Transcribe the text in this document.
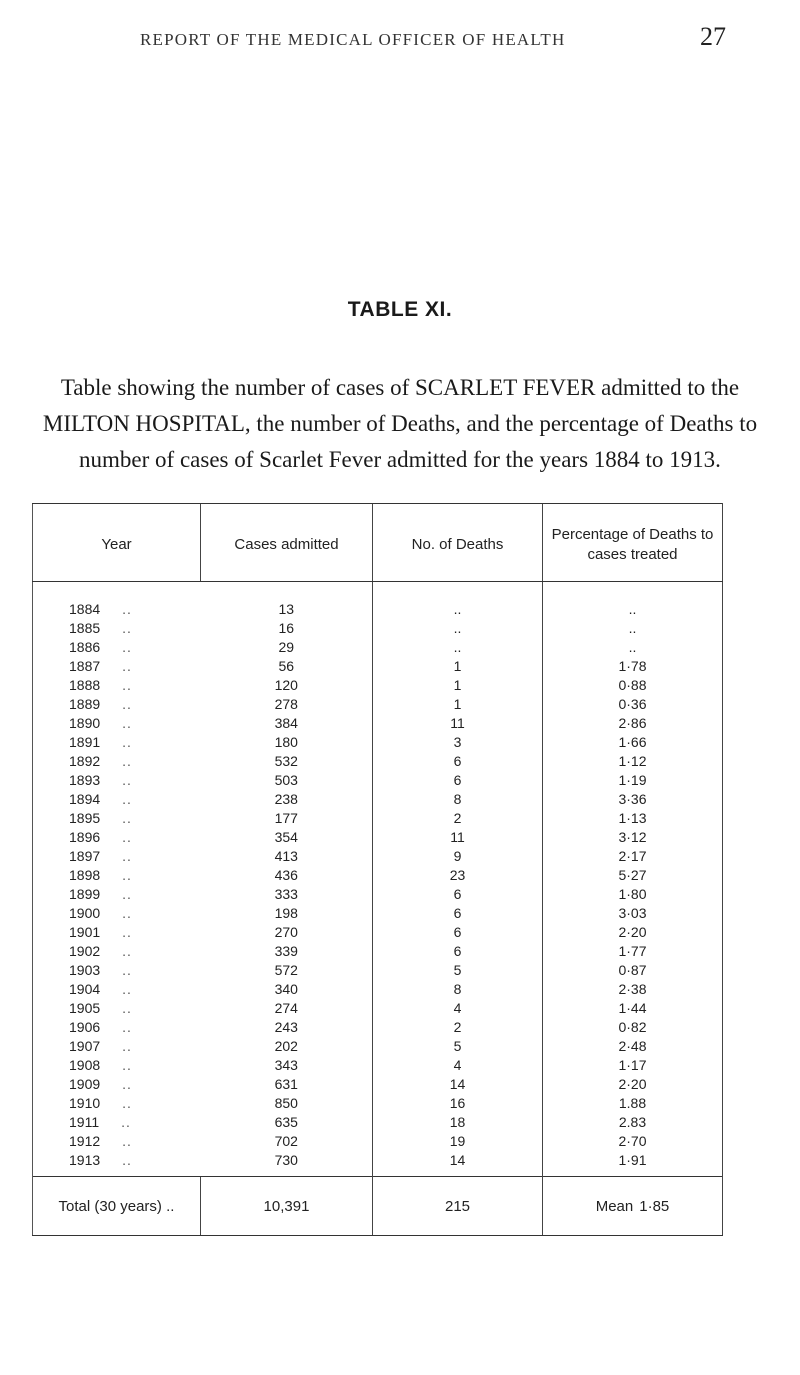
REPORT OF THE MEDICAL OFFICER OF HEALTH	27
TABLE XI.
Table showing the number of cases of SCARLET FEVER admitted to the MILTON HOSPITAL, the number of Deaths, and the percentage of Deaths to number of cases of Scarlet Fever admitted for the years 1884 to 1913.
Year	Cases admitted	No. of Deaths	Percentage of Deaths to cases treated
1884 ..	13	..	..
1885 ..	16	..	..
1886 ..	29	..	..
1887 ..	56	1	1·78
1888 ..	120	1	0·88
1889 ..	278	1	0·36
1890 ..	384	11	2·86
1891 ..	180	3	1·66
1892 ..	532	6	1·12
1893 ..	503	6	1·19
1894 ..	238	8	3·36
1895 ..	177	2	1·13
1896 ..	354	11	3·12
1897 ..	413	9	2·17
1898 ..	436	23	5·27
1899 ..	333	6	1·80
1900 ..	198	6	3·03
1901 ..	270	6	2·20
1902 ..	339	6	1·77
1903 ..	572	5	0·87
1904 ..	340	8	2·38
1905 ..	274	4	1·44
1906 ..	243	2	0·82
1907 ..	202	5	2·48
1908 ..	343	4	1·17
1909 ..	631	14	2·20
1910 ..	850	16	1.88
1911 ..	635	18	2.83
1912 ..	702	19	2·70
1913 ..	730	14	1·91
Total (30 years) ..	10,391	215	Mean 1·85
